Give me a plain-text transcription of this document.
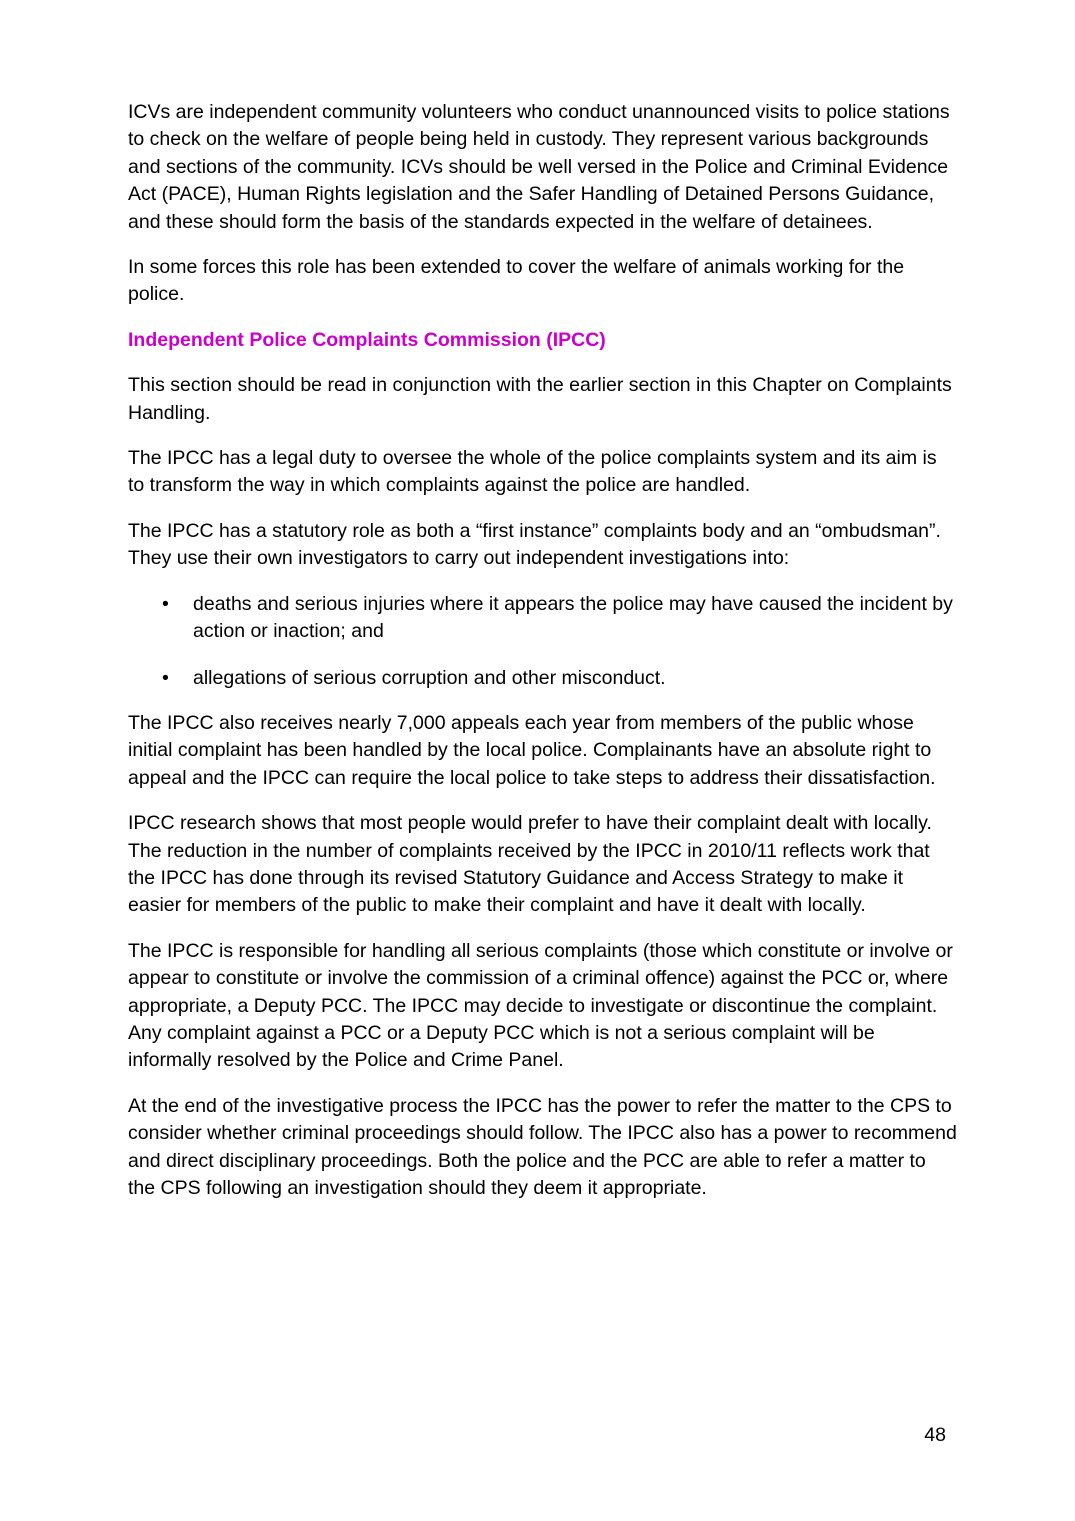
ICVs are independent community volunteers who conduct unannounced visits to police stations to check on the welfare of people being held in custody. They represent various backgrounds and sections of the community. ICVs should be well versed in the Police and Criminal Evidence Act (PACE), Human Rights legislation and the Safer Handling of Detained Persons Guidance, and these should form the basis of the standards expected in the welfare of detainees.

In some forces this role has been extended to cover the welfare of animals working for the police.

Independent Police Complaints Commission (IPCC)

This section should be read in conjunction with the earlier section in this Chapter on Complaints Handling.

The IPCC has a legal duty to oversee the whole of the police complaints system and its aim is to transform the way in which complaints against the police are handled.

The IPCC has a statutory role as both a “first instance” complaints body and an “ombudsman”. They use their own investigators to carry out independent investigations into:

• deaths and serious injuries where it appears the police may have caused the incident by action or inaction; and
• allegations of serious corruption and other misconduct.

The IPCC also receives nearly 7,000 appeals each year from members of the public whose initial complaint has been handled by the local police. Complainants have an absolute right to appeal and the IPCC can require the local police to take steps to address their dissatisfaction.

IPCC research shows that most people would prefer to have their complaint dealt with locally. The reduction in the number of complaints received by the IPCC in 2010/11 reflects work that the IPCC has done through its revised Statutory Guidance and Access Strategy to make it easier for members of the public to make their complaint and have it dealt with locally.

The IPCC is responsible for handling all serious complaints (those which constitute or involve or appear to constitute or involve the commission of a criminal offence) against the PCC or, where appropriate, a Deputy PCC. The IPCC may decide to investigate or discontinue the complaint. Any complaint against a PCC or a Deputy PCC which is not a serious complaint will be informally resolved by the Police and Crime Panel.

At the end of the investigative process the IPCC has the power to refer the matter to the CPS to consider whether criminal proceedings should follow. The IPCC also has a power to recommend and direct disciplinary proceedings. Both the police and the PCC are able to refer a matter to the CPS following an investigation should they deem it appropriate.

48
